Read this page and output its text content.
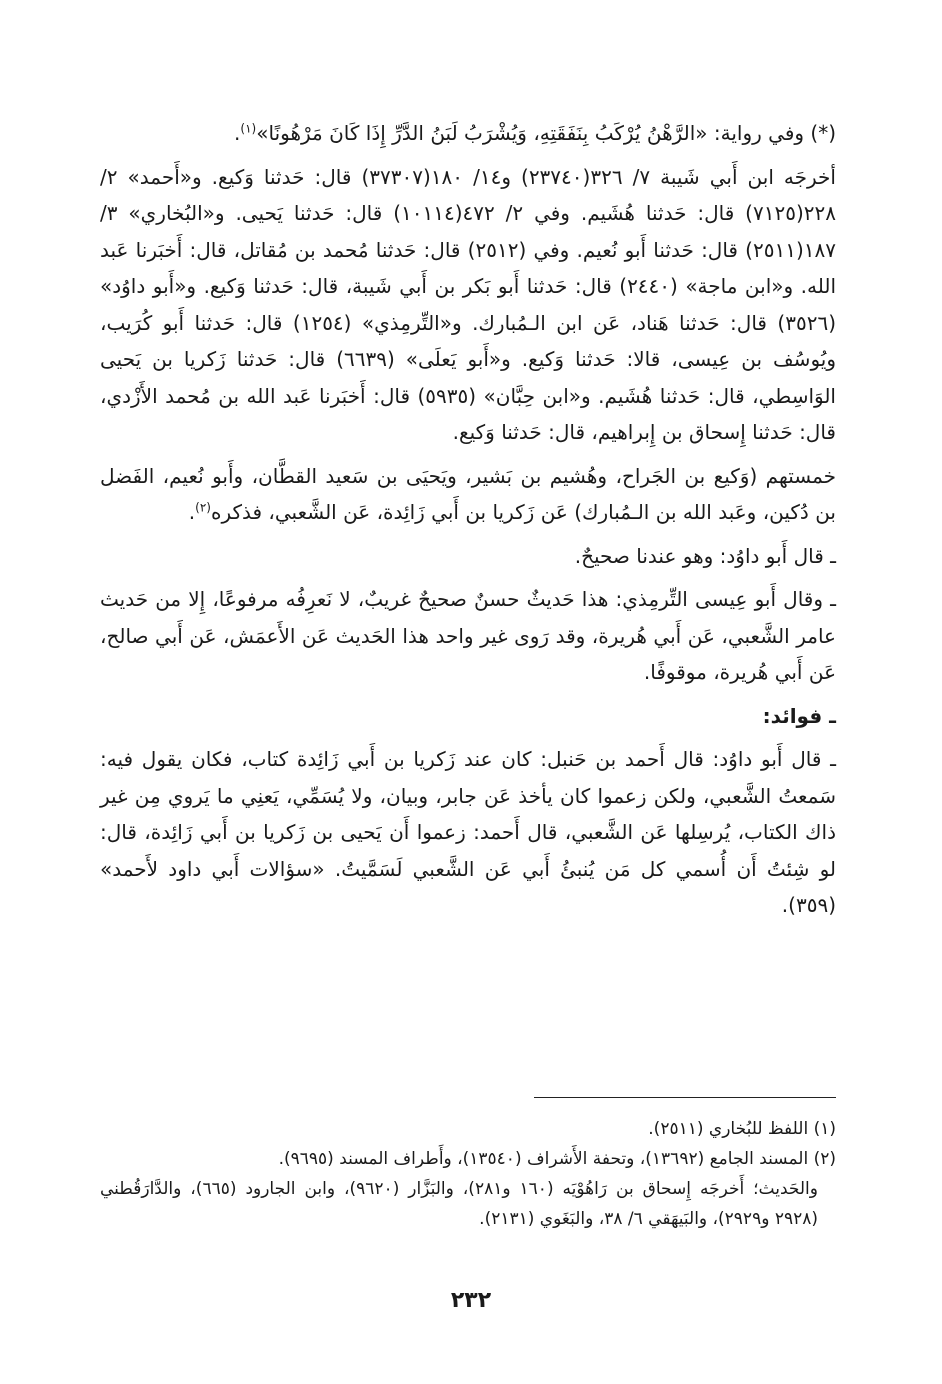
(*) وفي رواية: «الرَّهْنُ يُرْكَبُ بِنَفَقَتِهِ، وَيُشْرَبُ لَبَنُ الدَّرِّ إِذَا كَانَ مَرْهُونًا»$^{(١)}$.

أخرجَه ابن أَبي شَيبة ٧/ ٣٢٦(٢٣٧٤٠) و١٤/ ١٨٠(٣٧٣٠٧) قال: حَدثنا وَكيع. و«أَحمد» ٢/ ٢٢٨(٧١٢٥) قال: حَدثنا هُشَيم. وفي ٢/ ٤٧٢(١٠١١٤) قال: حَدثنا يَحيى. و«البُخاري» ٣/ ١٨٧(٢٥١١) قال: حَدثنا أَبو نُعيم. وفي (٢٥١٢) قال: حَدثنا مُحمد بن مُقاتل، قال: أَخبَرنا عَبد الله. و«ابن ماجة» (٢٤٤٠) قال: حَدثنا أَبو بَكر بن أَبي شَيبة، قال: حَدثنا وَكيع. و«أَبو داوُد» (٣٥٢٦) قال: حَدثنا هَناد، عَن ابن الـمُبارك. و«التِّرمِذي» (١٢٥٤) قال: حَدثنا أَبو كُرَيب، ويُوسُف بن عِيسى، قالا: حَدثنا وَكيع. و«أَبو يَعلَى» (٦٦٣٩) قال: حَدثنا زَكريا بن يَحيى الوَاسِطي، قال: حَدثنا هُشَيم. و«ابن حِبَّان» (٥٩٣٥) قال: أَخبَرنا عَبد الله بن مُحمد الأَزْدي، قال: حَدثنا إِسحاق بن إِبراهيم، قال: حَدثنا وَكيع.

خمستهم (وَكيع بن الجَراح، وهُشيم بن بَشير، ويَحيَى بن سَعيد القطَّان، وأَبو نُعيم، الفَضل بن دُكين، وعَبد الله بن الـمُبارك) عَن زَكريا بن أَبي زَائِدة، عَن الشَّعبي، فذكره$^{(٢)}$.

ـ قال أَبو داوُد: وهو عندنا صحيحٌ.

ـ وقال أَبو عِيسى التِّرمِذي: هذا حَديثٌ حسنٌ صحيحٌ غريبٌ، لا نَعرِفُه مرفوعًا، إِلا من حَديث عامر الشَّعبي، عَن أَبي هُريرة، وقد رَوى غير واحد هذا الحَديث عَن الأَعمَش، عَن أَبي صالح، عَن أَبي هُريرة، موقوفًا.

ـ فوائد:

ـ قال أَبو داوُد: قال أَحمد بن حَنبل: كان عند زَكريا بن أَبي زَائِدة كتاب، فكان يقول فيه: سَمعتُ الشَّعبي، ولكن زعموا كان يأخذ عَن جابر، وبيان، ولا يُسَمِّي، يَعنِي ما يَروي مِن غير ذاك الكتاب، يُرسِلها عَن الشَّعبي، قال أَحمد: زعموا أَن يَحيى بن زَكريا بن أَبي زَائِدة، قال: لو شِئتُ أَن أُسمي كل مَن يُنبئُ أَبي عَن الشَّعبي لَسَمَّيتُ. «سؤالات أَبي داود لأَحمد» (٣٥٩).

(١) اللفظ للبُخاري (٢٥١١).

(٢) المسند الجامع (١٣٦٩٢)، وتحفة الأَشراف (١٣٥٤٠)، وأَطراف المسند (٩٦٩٥).

والحَديث؛ أَخرجَه إِسحاق بن رَاهُوْيَه (١٦٠ و٢٨١)، والبَزَّار (٩٦٢٠)، وابن الجارود (٦٦٥)، والدَّارَقُطني (٢٩٢٨ و٢٩٢٩)، والبَيهَقي ٦/ ٣٨، والبَغَوي (٢١٣١).

٢٣٢
